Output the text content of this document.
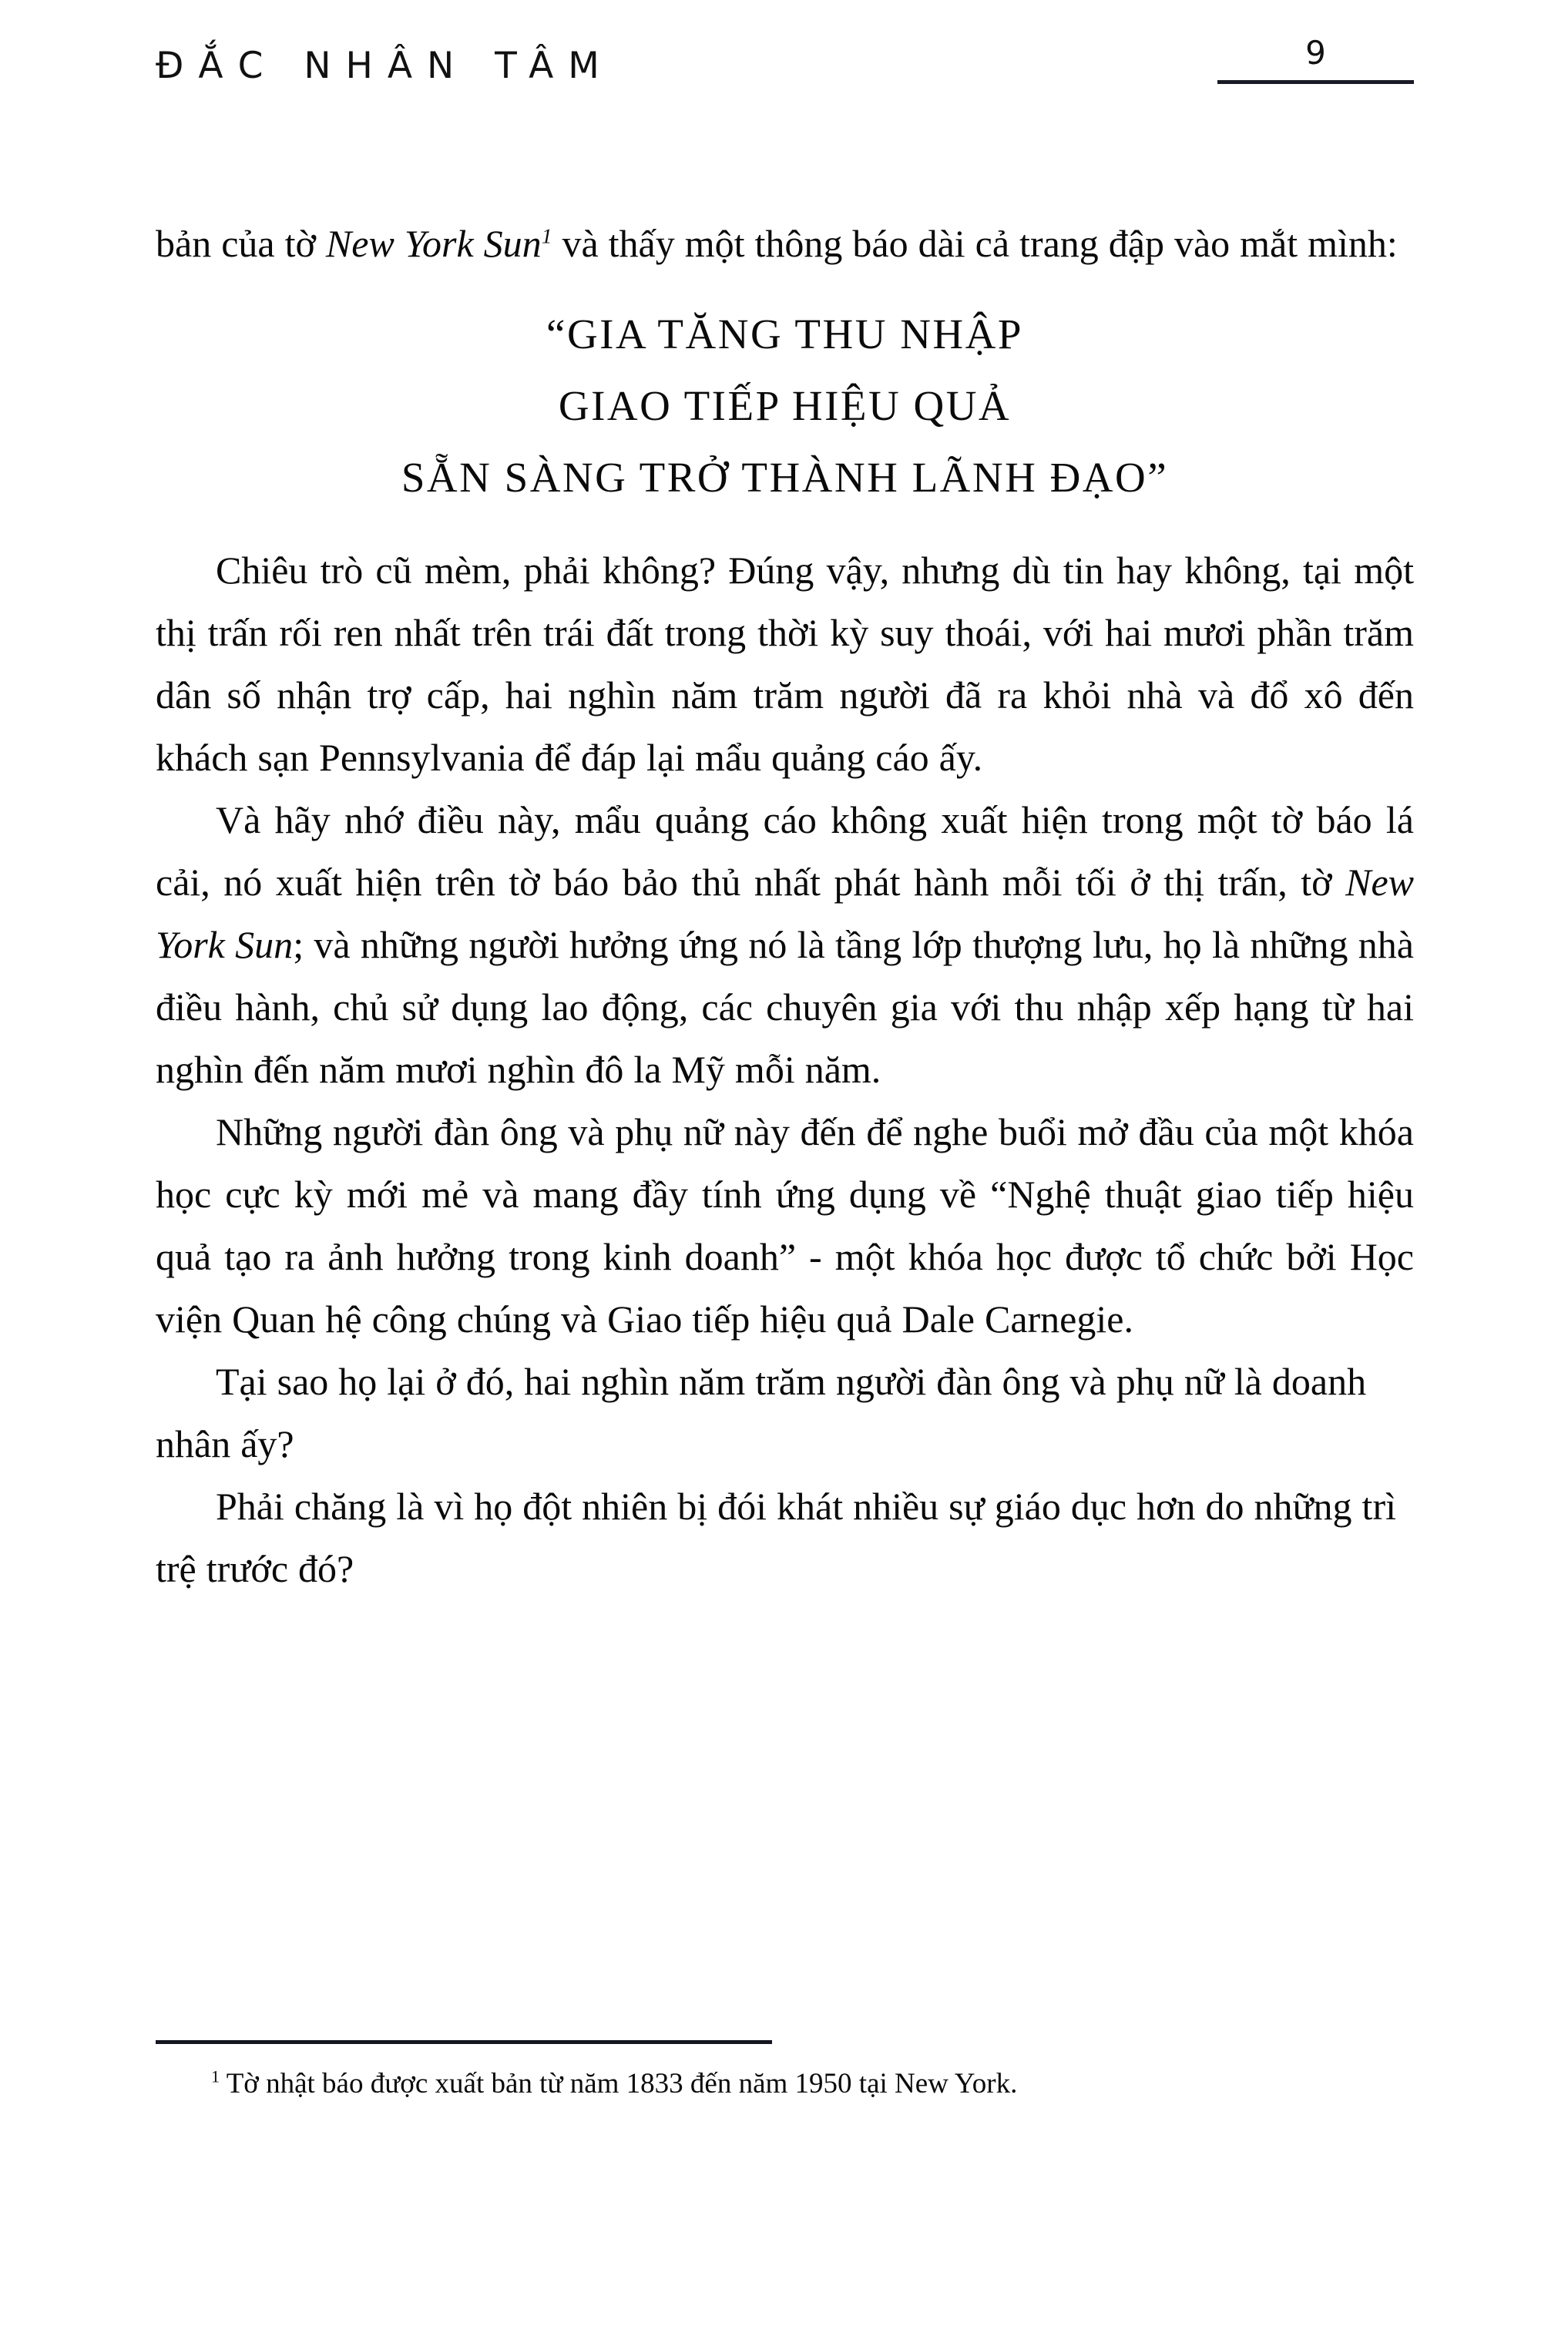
ĐẮC NHÂN TÂM	9

bản của tờ New York Sun$^1$ và thấy một thông báo dài cả trang đập vào mắt mình:

“GIA TĂNG THU NHẬP
GIAO TIẾP HIỆU QUẢ
SẴN SÀNG TRỞ THÀNH LÃNH ĐẠO”

Chiêu trò cũ mèm, phải không? Đúng vậy, nhưng dù tin hay không, tại một thị trấn rối ren nhất trên trái đất trong thời kỳ suy thoái, với hai mươi phần trăm dân số nhận trợ cấp, hai nghìn năm trăm người đã ra khỏi nhà và đổ xô đến khách sạn Pennsylvania để đáp lại mẩu quảng cáo ấy.

Và hãy nhớ điều này, mẩu quảng cáo không xuất hiện trong một tờ báo lá cải, nó xuất hiện trên tờ báo bảo thủ nhất phát hành mỗi tối ở thị trấn, tờ New York Sun; và những người hưởng ứng nó là tầng lớp thượng lưu, họ là những nhà điều hành, chủ sử dụng lao động, các chuyên gia với thu nhập xếp hạng từ hai nghìn đến năm mươi nghìn đô la Mỹ mỗi năm.

Những người đàn ông và phụ nữ này đến để nghe buổi mở đầu của một khóa học cực kỳ mới mẻ và mang đầy tính ứng dụng về “Nghệ thuật giao tiếp hiệu quả tạo ra ảnh hưởng trong kinh doanh” - một khóa học được tổ chức bởi Học viện Quan hệ công chúng và Giao tiếp hiệu quả Dale Carnegie.

Tại sao họ lại ở đó, hai nghìn năm trăm người đàn ông và phụ nữ là doanh nhân ấy?

Phải chăng là vì họ đột nhiên bị đói khát nhiều sự giáo dục hơn do những trì trệ trước đó?

$^1$ Tờ nhật báo được xuất bản từ năm 1833 đến năm 1950 tại New York.
